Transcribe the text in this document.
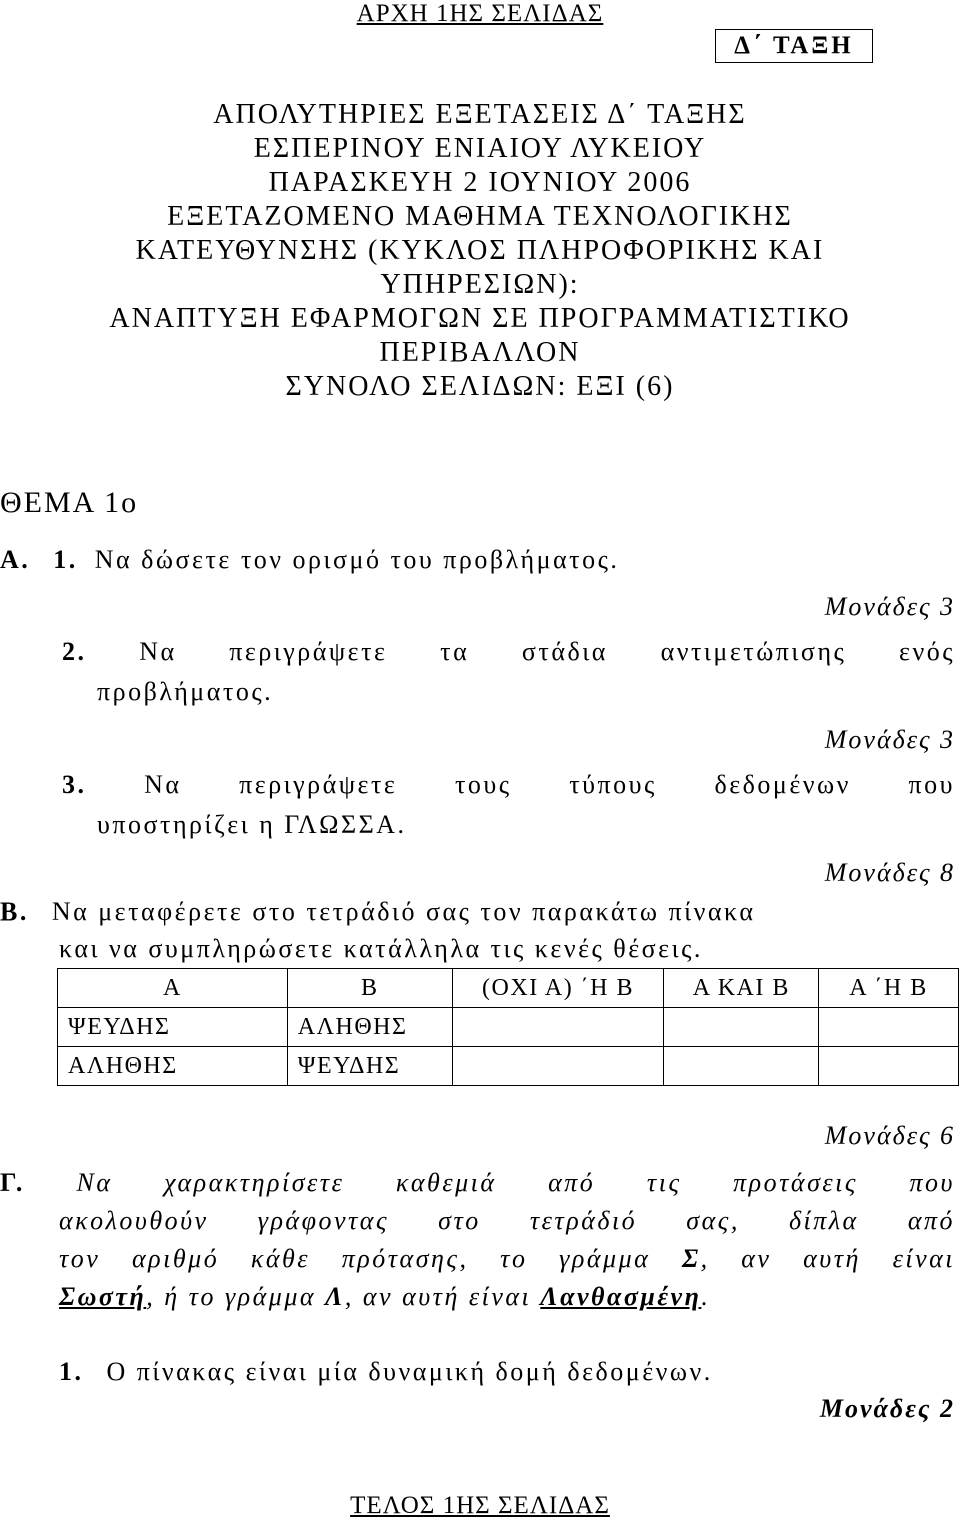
ΑΡΧΗ 1ΗΣ ΣΕΛΙΔΑΣ
Δ΄ ΤΑΞΗ
ΑΠΟΛΥΤΗΡΙΕΣ ΕΞΕΤΑΣΕΙΣ Δ΄ ΤΑΞΗΣ
ΕΣΠΕΡΙΝΟΥ ΕΝΙΑΙΟΥ ΛΥΚΕΙΟΥ
ΠΑΡΑΣΚΕΥΗ 2 ΙΟΥΝΙΟΥ 2006
ΕΞΕΤΑΖΟΜΕΝΟ ΜΑΘΗΜΑ ΤΕΧΝΟΛΟΓΙΚΗΣ
ΚΑΤΕΥΘΥΝΣΗΣ (ΚΥΚΛΟΣ ΠΛΗΡΟΦΟΡΙΚΗΣ ΚΑΙ
ΥΠΗΡΕΣΙΩΝ):
ΑΝΑΠΤΥΞΗ ΕΦΑΡΜΟΓΩΝ ΣΕ ΠΡΟΓΡΑΜΜΑΤΙΣΤΙΚΟ
ΠΕΡΙΒΑΛΛΟΝ
ΣΥΝΟΛΟ ΣΕΛΙΔΩΝ: ΕΞΙ (6)
ΘΕΜΑ 1ο
Α. 1. Να δώσετε τον ορισμό του προβλήματος.
Μονάδες 3
2. Να περιγράψετε τα στάδια αντιμετώπισης ενός
προβλήματος.
Μονάδες 3
3. Να περιγράψετε τους τύπους δεδομένων που
υποστηρίζει η ΓΛΩΣΣΑ.
Μονάδες 8
Β. Να μεταφέρετε στο τετράδιό σας τον παρακάτω πίνακα
και να συμπληρώσετε κατάλληλα τις κενές θέσεις.
Α	Β	(ΟΧΙ Α) ΄Η Β	Α ΚΑΙ Β	Α ΄Η Β
ΨΕΥΔΗΣ	ΑΛΗΘΗΣ			
ΑΛΗΘΗΣ	ΨΕΥΔΗΣ			
Μονάδες 6
Γ. Να χαρακτηρίσετε καθεμιά από τις προτάσεις που
ακολουθούν γράφοντας στο τετράδιό σας, δίπλα από
τον αριθμό κάθε πρότασης, το γράμμα Σ, αν αυτή είναι
Σωστή, ή το γράμμα Λ, αν αυτή είναι Λανθασμένη.
1. Ο πίνακας είναι μία δυναμική δομή δεδομένων.
Μονάδες 2
ΤΕΛΟΣ 1ΗΣ ΣΕΛΙΔΑΣ
